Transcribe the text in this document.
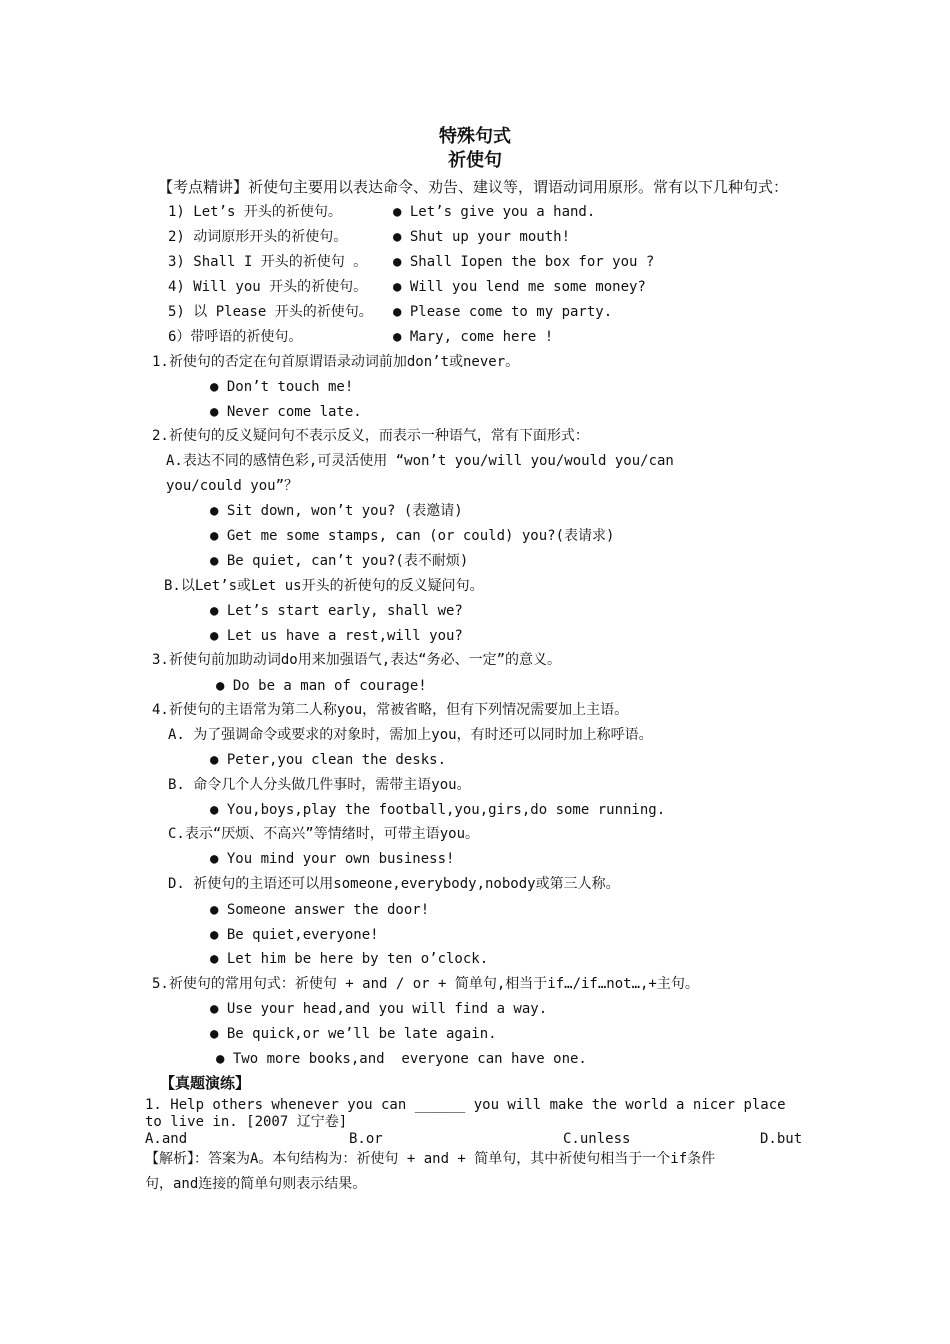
特殊句式
祈使句
【考点精讲】祈使句主要用以表达命令、劝告、建议等，谓语动词用原形。常有以下几种句式：
1) Let’s 开头的祈使句。	● Let’s give you a hand.
2) 动词原形开头的祈使句。	● Shut up your mouth!
3) Shall I 开头的祈使句 。 ● Shall Iopen the box for you ?
4) Will you 开头的祈使句。 ● Will you lend me some money?
5) 以 Please 开头的祈使句。 ● Please come to my party.
6）带呼语的祈使句。	● Mary, come here !
1.祈使句的否定在句首原谓语录动词前加don’t或never。
● Don’t touch me!
● Never come late.
2.祈使句的反义疑问句不表示反义，而表示一种语气，常有下面形式：
A.表达不同的感情色彩,可灵活使用 “won’t you/will you/would you/can
you/could you”？
● Sit down, won’t you? (表邀请)
● Get me some stamps, can (or could) you?(表请求)
● Be quiet, can’t you?(表不耐烦)
B.以Let’s或Let us开头的祈使句的反义疑问句。
● Let’s start early, shall we?
● Let us have a rest,will you?
3.祈使句前加助动词do用来加强语气,表达“务必、一定”的意义。
● Do be a man of courage!
4.祈使句的主语常为第二人称you，常被省略，但有下列情况需要加上主语。
A. 为了强调命令或要求的对象时，需加上you，有时还可以同时加上称呼语。
● Peter,you clean the desks.
B. 命令几个人分头做几件事时，需带主语you。
● You,boys,play the football,you,girs,do some running.
C.表示“厌烦、不高兴”等情绪时，可带主语you。
● You mind your own business!
D. 祈使句的主语还可以用someone,everybody,nobody或第三人称。
● Someone answer the door!
● Be quiet,everyone!
● Let him be here by ten o’clock.
5.祈使句的常用句式：祈使句 + and / or + 简单句,相当于if…/if…not…,+主句。
● Use your head,and you will find a way.
● Be quick,or we’ll be late again.
● Two more books,and  everyone can have one.
【真题演练】
1. Help others whenever you can ______ you will make the world a nicer place
to live in. [2007 辽宁卷]
A.and	B.or	C.unless	D.but
【解析】：答案为A。本句结构为：祈使句 + and + 简单句，其中祈使句相当于一个if条件
句，and连接的简单句则表示结果。
